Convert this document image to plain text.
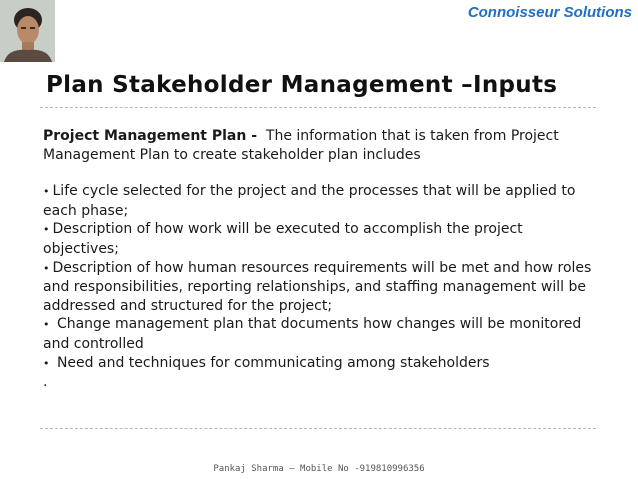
Connoisseur Solutions
Plan Stakeholder Management –Inputs

Project Management Plan -  The information that is taken from Project Management Plan to create stakeholder plan includes

• Life cycle selected for the project and the processes that will be applied to each phase;

• Description of how work will be executed to accomplish the project objectives;

• Description of how human resources requirements will be met and how roles and responsibilities, reporting relationships, and staffing management will be addressed and structured for the project;

• Change management plan that documents how changes will be monitored and controlled

• Need and techniques for communicating among stakeholders

.

Pankaj Sharma – Mobile No -919810996356
